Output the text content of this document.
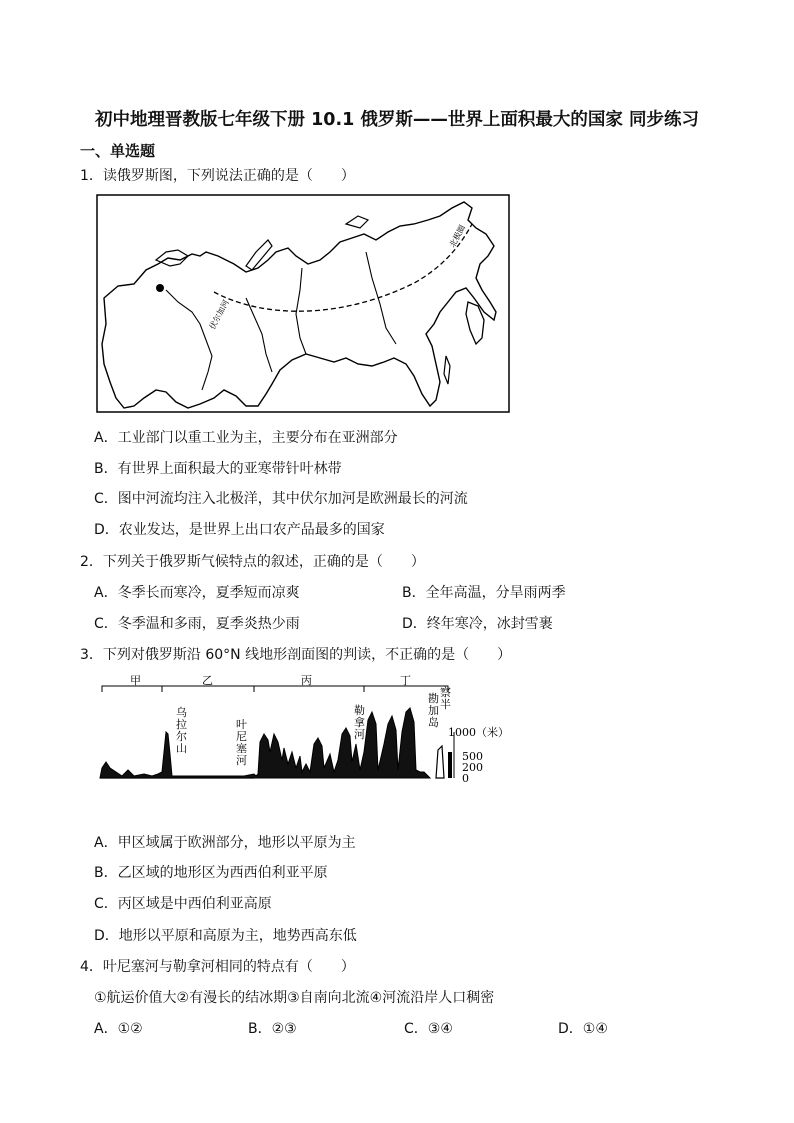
初中地理晋教版七年级下册 10.1 俄罗斯——世界上面积最大的国家 同步练习
一、单选题
1．读俄罗斯图，下列说法正确的是（　　）
北极圈
伏尔加河
A．工业部门以重工业为主，主要分布在亚洲部分
B．有世界上面积最大的亚寒带针叶林带
C．图中河流均注入北极洋，其中伏尔加河是欧洲最长的河流
D．农业发达，是世界上出口农产品最多的国家
2．下列关于俄罗斯气候特点的叙述，正确的是（　　）
A．冬季长而寒冷，夏季短而凉爽	B．全年高温，分旱雨两季
C．冬季温和多雨，夏季炎热少雨	D．终年寒冷，冰封雪裹
3．下列对俄罗斯沿 60°N 线地形剖面图的判读，不正确的是（　　）
甲	乙	丙	丁
乌拉尔山
叶尼塞河
勒拿河
勘加岛察半
1000（米）
500
200
0
A．甲区域属于欧洲部分，地形以平原为主
B．乙区域的地形区为西西伯利亚平原
C．丙区域是中西伯利亚高原
D．地形以平原和高原为主，地势西高东低
4．叶尼塞河与勒拿河相同的特点有（　　）
①航运价值大②有漫长的结冰期③自南向北流④河流沿岸人口稠密
A．①②	B．②③	C．③④	D．①④
